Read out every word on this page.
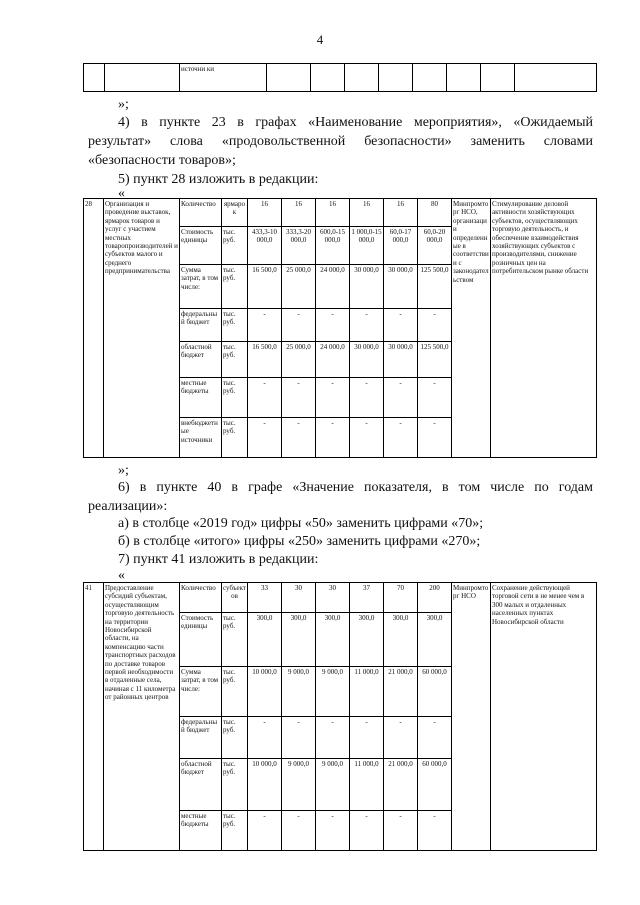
4
		источни ки								

»;

4) в пункте 23 в графах «Наименование мероприятия», «Ожидаемый результат» слова «продовольственной безопасности» заменить словами «безопасности товаров»;

5) пункт 28 изложить в редакции:

«

28	Организация и проведение выставок, ярмарок товаров и услуг с участием местных товаропроизводителей и субъектов малого и среднего предпринимательства	Количество	ярмарок	16	16	16	16	16	80	Минпромторг НСО, организации определенные в соответствии с законодательством	Стимулирование деловой активности хозяйствующих субъектов, осуществляющих торговую деятельность, и обеспечение взаимодействия хозяйствующих субъектов с производителями, снижение розничных цен на потребительском рынке области
		Стоимость единицы	тыс. руб.	433,3-10 000,0	333,3-20 000,0	600,0-15 000,0	1 000,0-15 000,0	60,0-17 000,0	60,0-20 000,0		
		Сумма затрат, в том числе:	тыс. руб.	16 500,0	25 000,0	24 000,0	30 000,0	30 000,0	125 500,0		
		федеральный бюджет	тыс. руб.	-	-	-	-	-	-		
		областной бюджет	тыс. руб.	16 500,0	25 000,0	24 000,0	30 000,0	30 000,0	125 500,0		
		местные бюджеты	тыс. руб.	-	-	-	-	-	-		
		внебюджетные источники	тыс. руб.	-	-	-	-	-	-		

»;

6) в пункте 40 в графе «Значение показателя, в том числе по годам реализации»:

а) в столбце «2019 год» цифры «50» заменить цифрами «70»;

б) в столбце «итого» цифры «250» заменить цифрами «270»;

7) пункт 41 изложить в редакции:

«

41	Предоставление субсидий субъектам, осуществляющим торговую деятельность на территории Новосибирской области, на компенсацию части транспортных расходов по доставке товаров первой необходимости в отдаленные села, начиная с 11 километра от районных центров	Количество	субъектов	33	30	30	37	70	200	Минпромторг НСО	Сохранение действующей торговой сети в не менее чем в 300 малых и отдаленных населенных пунктах Новосибирской области
		Стоимость единицы	тыс. руб.	300,0	300,0	300,0	300,0	300,0	300,0		
		Сумма затрат, в том числе:	тыс. руб.	10 000,0	9 000,0	9 000,0	11 000,0	21 000,0	60 000,0		
		федеральный бюджет	тыс. руб.	-	-	-	-	-	-		
		областной бюджет	тыс. руб.	10 000,0	9 000,0	9 000,0	11 000,0	21 000,0	60 000,0		
		местные бюджеты	тыс. руб.	-	-	-	-	-	-		
